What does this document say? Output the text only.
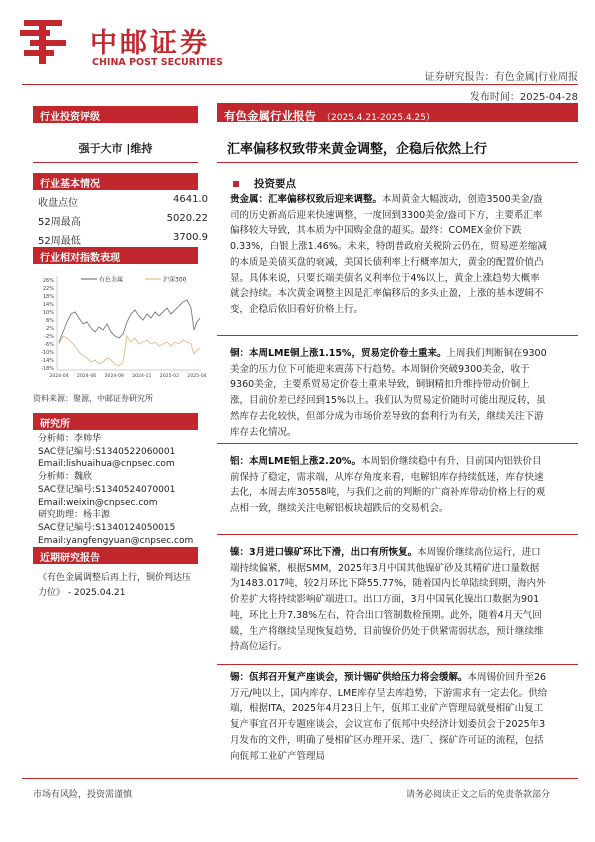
中邮证券
CHINA POST SECURITIES
证券研究报告：有色金属|行业周报
发布时间：2025-04-28
行业投资评级
强于大市 |维持
行业基本情况
收盘点位	4641.0
52周最高	5020.22
52周最低	3700.9
行业相对指数表现
26%
22%
18%
14%
10%
6%
2%
-2%
-6%
-10%
-14%
-18%
2024-04 2024-06 2024-09 2024-11 2025-02 2025-04
有色金属	沪深300
资料来源：聚源，中邮证券研究所
研究所
分析师：李帅华
SAC登记编号:S1340522060001
Email:lishuaihua@cnpsec.com
分析师：魏欣
SAC登记编号:S1340524070001
Email:weixin@cnpsec.com
研究助理：杨丰源
SAC登记编号:S1340124050015
Email:yangfengyuan@cnpsec.com
近期研究报告
《有色金属调整后再上行，铜价判达压力位》 - 2025.04.21
有色金属行业报告 （2025.4.21-2025.4.25）
汇率偏移权致带来黄金调整，企稳后依然上行
投资要点
贵金属：汇率偏移权致后迎来调整。本周黄金大幅波动，创造3500美金/盎司的历史新高后迎来快速调整，一度回到3300美金/盎司下方，主要系汇率偏移较大导致，其本质为中国购金盘的超买。最终：COMEX金价下跌0.33%，白银上涨1.46%。未来，特朗普政府关税阶云仍在，贸易逆差缩减的本质是美债买盘的衰减，美国长债利率上行概率加大，黄金的配置价值凸显。具体来说，只要长端美债名义利率位于4%以上，黄金上涨趋势大概率就会持续。本次黄金调整主因是汇率偏移后的多头止盈，上涨的基本逻辑不变，企稳后依旧看好价格上行。
铜：本周LME铜上涨1.15%，贸易定价卷土重来。上周我们判断铜在9300美金的压力位下可能迎来震荡下行趋势。本周铜价突破9300美金，收于9360美金，主要系贸易定价卷土重来导致，铜铜精扣升维持带动价铜上涨，目前价差已经回到15%以上。我们认为贸易定价随时可能出现反转，虽然库存去化较快，但部分成为市场价差导致的套利行为有关，继续关注下游库存去化情况。
铝：本周LME铝上涨2.20%。本周铝价继续稳中有升，目前国内铝铁价目前保持了稳定，需求端，从库存角度来看，电解铝库存持续低迷，库存快速去化，本周去库30558吨，与我们之前的判断的广商补库带动价格上行的观点相一致，继续关注电解铝板块超跌后的交易机会。
镍：3月进口镍矿环比下滑，出口有所恢复。本周镍价继续高位运行，进口端持续偏紧，根据SMM，2025年3月中国其他镍矿砂及其精矿进口量数据为1483.017吨，较2月环比下降55.77%，随着国内长单陆续到期，海内外价差扩大将持续影响矿端进口。出口方面，3月中国氧化镍出口数据为901吨，环比上升7.38%左右，符合出口管制数检预期。此外，随着4月天气回暖，生产将继续呈现恢复趋势，目前镍价仍处于供紧需弱状态，预计继续维持高位运行。
锡：佤邦召开复产座谈会，预计锡矿供给压力将会缓解。本周锡价回升至26万元/吨以上，国内库存、LME库存呈去库趋势，下游需求有一定去化。供给端，根据ITA，2025年4月23日上午，佤邦工业矿产管理局就曼相矿山复工复产事宜召开专题座谈会，会议宣布了佤邦中央经济计划委员会于2025年3月发布的文件，明确了曼相矿区办理开采、选厂、探矿许可证的流程，包括向佤邦工业矿产管理局
市场有风险，投资需谨慎	请务必阅读正文之后的免责条款部分
